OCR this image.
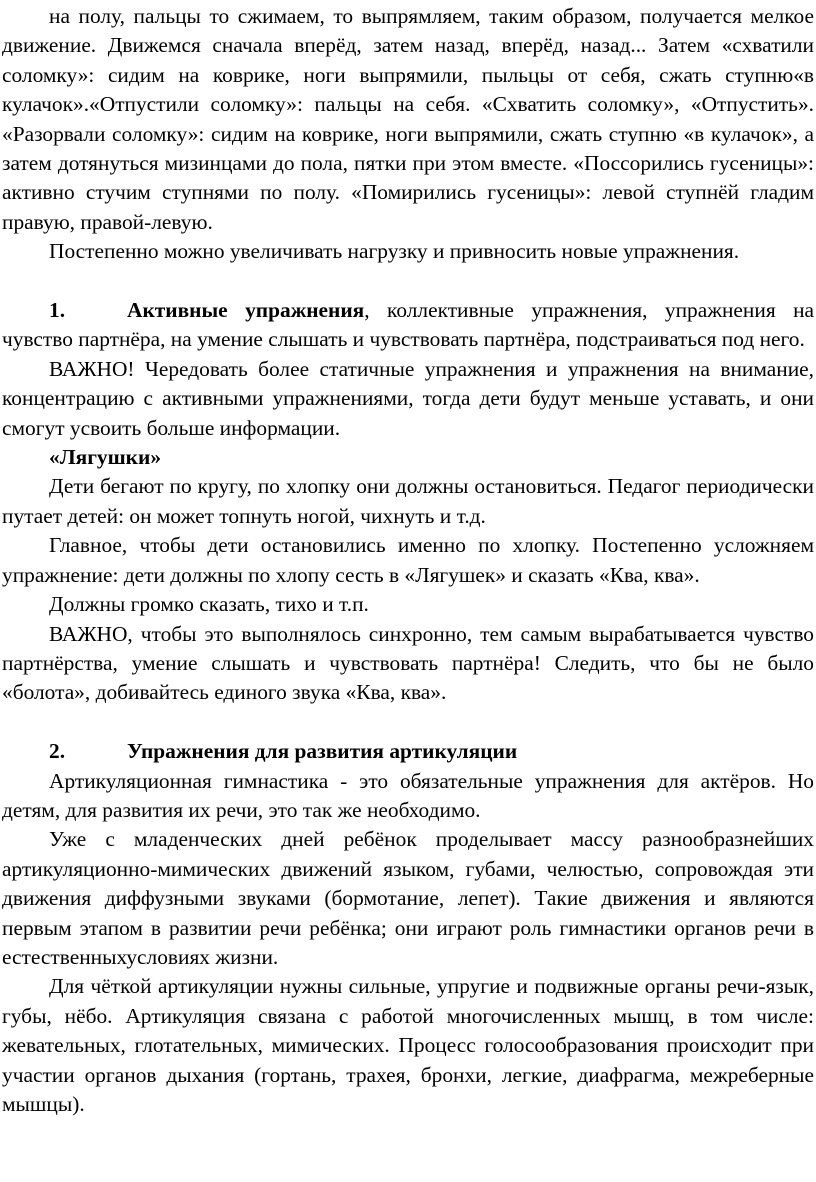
на полу, пальцы то сжимаем, то выпрямляем, таким образом, получается мелкое движение. Движемся сначала вперёд, затем назад, вперёд, назад... Затем «схватили соломку»: сидим на коврике, ноги выпрямили, пыльцы от себя, сжать ступню«в кулачок».«Отпустили соломку»: пальцы на себя. «Схватить соломку», «Отпустить». «Разорвали соломку»: сидим на коврике, ноги выпрямили, сжать ступню «в кулачок», а затем дотянуться мизинцами до пола, пятки при этом вместе. «Поссорились гусеницы»: активно стучим ступнями по полу. «Помирились гусеницы»: левой ступнёй гладим правую, правой-левую.

Постепенно можно увеличивать нагрузку и привносить новые упражнения.

1.	Активные упражнения, коллективные упражнения, упражнения на чувство партнёра, на умение слышать и чувствовать партнёра, подстраиваться под него.

ВАЖНО! Чередовать более статичные упражнения и упражнения на внимание, концентрацию с активными упражнениями, тогда дети будут меньше уставать, и они смогут усвоить больше информации.

«Лягушки»

Дети бегают по кругу, по хлопку они должны остановиться. Педагог периодически путает детей: он может топнуть ногой, чихнуть и т.д.

Главное, чтобы дети остановились именно по хлопку. Постепенно усложняем упражнение: дети должны по хлопу сесть в «Лягушек» и сказать «Ква, ква».

Должны громко сказать, тихо и т.п.

ВАЖНО, чтобы это выполнялось синхронно, тем самым вырабатывается чувство партнёрства, умение слышать и чувствовать партнёра! Следить, что бы не было «болота», добивайтесь единого звука «Ква, ква».

2.	Упражнения для развития артикуляции

Артикуляционная гимнастика - это обязательные упражнения для актёров. Но детям, для развития их речи, это так же необходимо.

Уже с младенческих дней ребёнок проделывает массу разнообразнейших артикуляционно-мимических движений языком, губами, челюстью, сопровождая эти движения диффузными звуками (бормотание, лепет). Такие движения и являются первым этапом в развитии речи ребёнка; они играют роль гимнастики органов речи в естественныхусловиях жизни.

Для чёткой артикуляции нужны сильные, упругие и подвижные органы речи-язык, губы, нёбо. Артикуляция связана с работой многочисленных мышц, в том числе: жевательных, глотательных, мимических. Процесс голосообразования происходит при участии органов дыхания (гортань, трахея, бронхи, легкие, диафрагма, межреберные мышцы).
